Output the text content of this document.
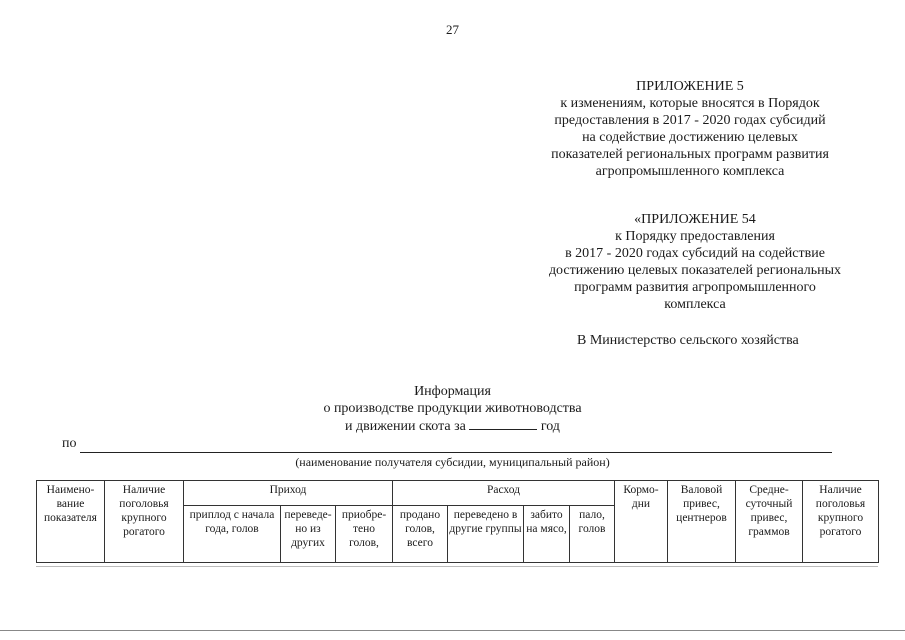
27
ПРИЛОЖЕНИЕ 5
к изменениям, которые вносятся в Порядок
предоставления в 2017 - 2020 годах субсидий
на содействие достижению целевых
показателей региональных программ развития
агропромышленного комплекса
«ПРИЛОЖЕНИЕ 54
к Порядку предоставления
в 2017 - 2020 годах субсидий на содействие
достижению целевых показателей региональных
программ развития агропромышленного
комплекса
В Министерство сельского хозяйства
Информация
о производстве продукции животноводства
и движении скота за	год
по
(наименование получателя субсидии, муниципальный район)
Наимено-вание показателя	Наличие поголовья крупного рогатого	Приход			Расход				Кормо-дни	Валовой привес, центнеров	Средне-суточный привес, граммов	Наличие поголовья крупного рогатого
		приплод с начала года, голов	переведе-но из других	приобре-тено голов,	продано голов, всего	переведено в другие группы	забито на мясо,	пало, голов				
